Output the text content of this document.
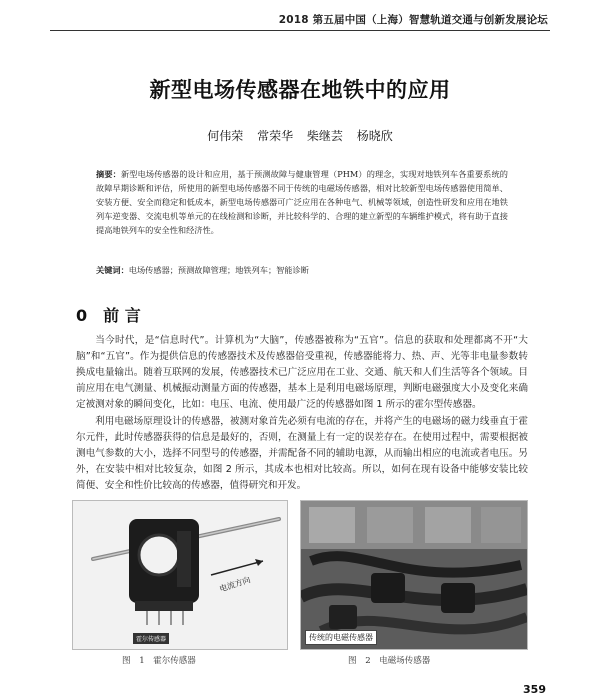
2018 第五届中国（上海）智慧轨道交通与创新发展论坛
新型电场传感器在地铁中的应用
何伟荣 常荣华 柴继芸 杨晓欣
摘要：新型电场传感器的设计和应用，基于预测故障与健康管理（PHM）的理念，实现对地铁列车各重要系统的故障早期诊断和评估，所使用的新型电场传感器不同于传统的电磁场传感器，相对比较新型电场传感器使用简单、安装方便、安全而稳定和低成本，新型电场传感器可广泛应用在各种电气、机械等领域，创造性研发和应用在地铁列车逆变器、交流电机等单元的在线检测和诊断，并比较科学的、合理的建立新型的车辆维护模式，将有助于直接提高地铁列车的安全性和经济性。
关键词：电场传感器；预测故障管理；地铁列车；智能诊断
0 前 言
当今时代，是“信息时代”。计算机为“大脑”，传感器被称为“五官”。信息的获取和处理都离不开“大脑”和“五官”。作为提供信息的传感器技术及传感器倍受重视，传感器能将力、热、声、光等非电量参数转换成电量输出。随着互联网的发展，传感器技术已广泛应用在工业、交通、航天和人们生活等各个领域。目前应用在电气测量、机械振动测量方面的传感器，基本上是利用电磁场原理，判断电磁强度大小及变化来确定被测对象的瞬间变化，比如：电压、电流、使用最广泛的传感器如图 1 所示的霍尔型传感器。
利用电磁场原理设计的传感器，被测对象首先必须有电流的存在，并将产生的电磁场的磁力线垂直于霍尔元件，此时传感器获得的信息是最好的，否则，在测量上有一定的误差存在。在使用过程中，需要根据被测电气参数的大小，选择不同型号的传感器，并需配备不同的辅助电源，从而输出相应的电流或者电压。另外，在安装中相对比较复杂，如图 2 所示，其成本也相对比较高。所以，如何在现有设备中能够安装比较简便、安全和性价比较高的传感器，值得研究和开发。
电流方向
霍尔传感器	传统的电磁传感器
图 1 霍尔传感器	图 2 电磁场传感器
359
